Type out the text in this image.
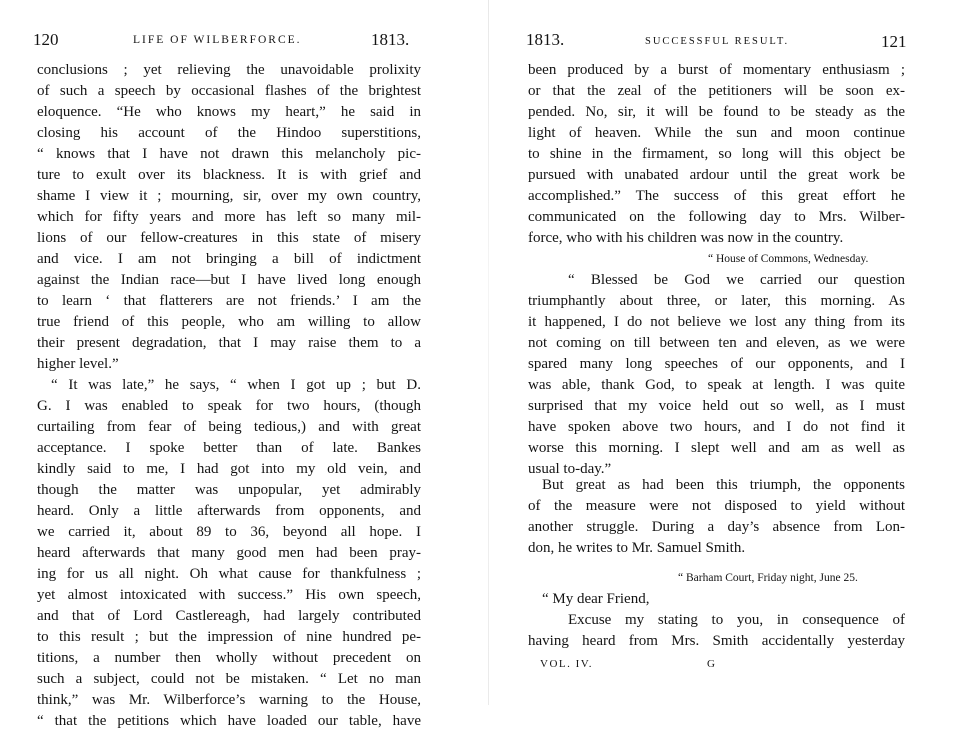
120	LIFE OF WILBERFORCE.	1813.
conclusions ; yet relieving the unavoidable prolixity
of such a speech by occasional flashes of the brightest
eloquence. “He who knows my heart,” he said in
closing his account of the Hindoo superstitions,
“ knows that I have not drawn this melancholy pic-
ture to exult over its blackness. It is with grief and
shame I view it ; mourning, sir, over my own country,
which for fifty years and more has left so many mil-
lions of our fellow-creatures in this state of misery
and vice. I am not bringing a bill of indictment
against the Indian race—but I have lived long enough
to learn ‘ that flatterers are not friends.’ I am the
true friend of this people, who am willing to allow
their present degradation, that I may raise them to a
higher level.”
“ It was late,” he says, “ when I got up ; but D.
G. I was enabled to speak for two hours, (though
curtailing from fear of being tedious,) and with great
acceptance. I spoke better than of late. Bankes
kindly said to me, I had got into my old vein, and
though the matter was unpopular, yet admirably
heard. Only a little afterwards from opponents, and
we carried it, about 89 to 36, beyond all hope. I
heard afterwards that many good men had been pray-
ing for us all night. Oh what cause for thankfulness ;
yet almost intoxicated with success.” His own speech,
and that of Lord Castlereagh, had largely contributed
to this result ; but the impression of nine hundred pe-
titions, a number then wholly without precedent on
such a subject, could not be mistaken. “ Let no man
think,” was Mr. Wilberforce’s warning to the House,
“ that the petitions which have loaded our table, have
1813.	SUCCESSFUL RESULT.	121
been produced by a burst of momentary enthusiasm ;
or that the zeal of the petitioners will be soon ex-
pended. No, sir, it will be found to be steady as the
light of heaven. While the sun and moon continue
to shine in the firmament, so long will this object be
pursued with unabated ardour until the great work be
accomplished.” The success of this great effort he
communicated on the following day to Mrs. Wilber-
force, who with his children was now in the country.
“ House of Commons, Wednesday.
“ Blessed be God we carried our question
triumphantly about three, or later, this morning. As
it happened, I do not believe we lost any thing from its
not coming on till between ten and eleven, as we were
spared many long speeches of our opponents, and I
was able, thank God, to speak at length. I was quite
surprised that my voice held out so well, as I must
have spoken above two hours, and I do not find it
worse this morning. I slept well and am as well as
usual to-day.”
But great as had been this triumph, the opponents
of the measure were not disposed to yield without
another struggle. During a day’s absence from Lon-
don, he writes to Mr. Samuel Smith.
“ Barham Court, Friday night, June 25.
“ My dear Friend,
Excuse my stating to you, in consequence of
having heard from Mrs. Smith accidentally yesterday
VOL. IV.	G
